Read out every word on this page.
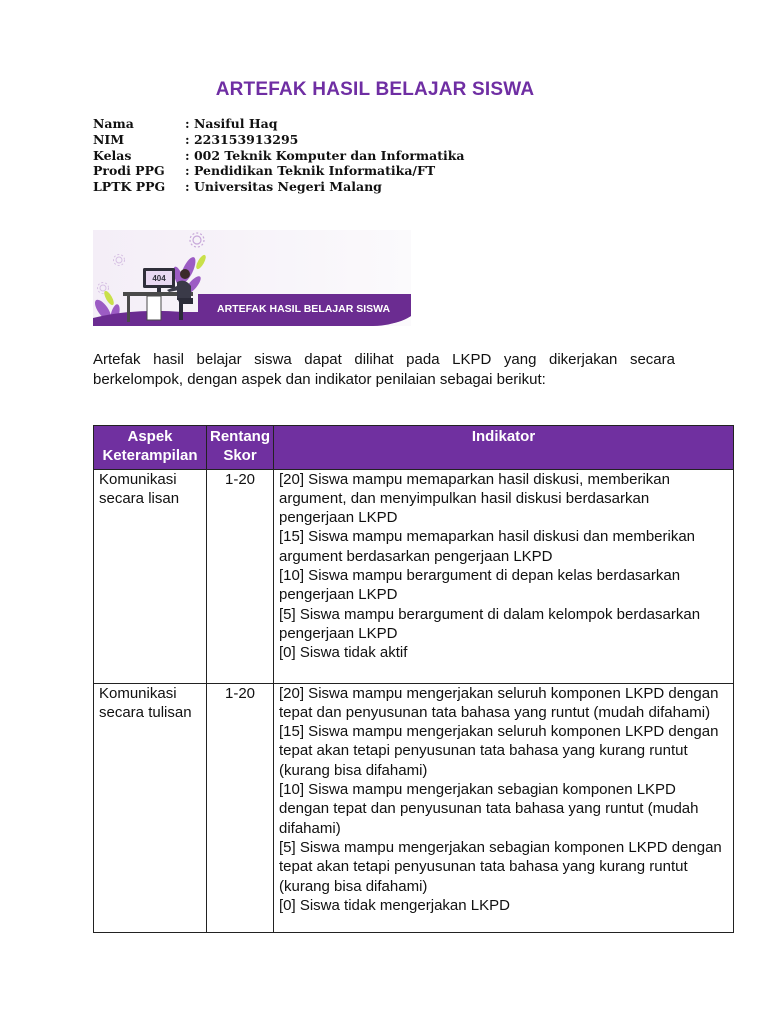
ARTEFAK HASIL BELAJAR SISWA
Nama	: Nasiful Haq
NIM	: 223153913295
Kelas	: 002 Teknik Komputer dan Informatika
Prodi PPG	: Pendidikan Teknik Informatika/FT
LPTK PPG	: Universitas Negeri Malang
404
ARTEFAK HASIL BELAJAR SISWA

Artefak hasil belajar siswa dapat dilihat pada LKPD yang dikerjakan secara berkelompok, dengan aspek dan indikator penilaian sebagai berikut:

Aspek Keterampilan	Rentang Skor	Indikator

Komunikasi secara lisan	1-20	[20] Siswa mampu memaparkan hasil diskusi, memberikan argument, dan menyimpulkan hasil diskusi berdasarkan pengerjaan LKPD
[15] Siswa mampu memaparkan hasil diskusi dan memberikan argument berdasarkan pengerjaan LKPD
[10] Siswa mampu berargument di depan kelas berdasarkan pengerjaan LKPD
[5] Siswa mampu berargument di dalam kelompok berdasarkan pengerjaan LKPD
[0] Siswa tidak aktif

Komunikasi secara tulisan	1-20	[20] Siswa mampu mengerjakan seluruh komponen LKPD dengan tepat dan penyusunan tata bahasa yang runtut (mudah difahami)
[15] Siswa mampu mengerjakan seluruh komponen LKPD dengan tepat akan tetapi penyusunan tata bahasa yang kurang runtut (kurang bisa difahami)
[10] Siswa mampu mengerjakan sebagian komponen LKPD dengan tepat dan penyusunan tata bahasa yang runtut (mudah difahami)
[5] Siswa mampu mengerjakan sebagian komponen LKPD dengan tepat akan tetapi penyusunan tata bahasa yang kurang runtut (kurang bisa difahami)
[0] Siswa tidak mengerjakan LKPD
